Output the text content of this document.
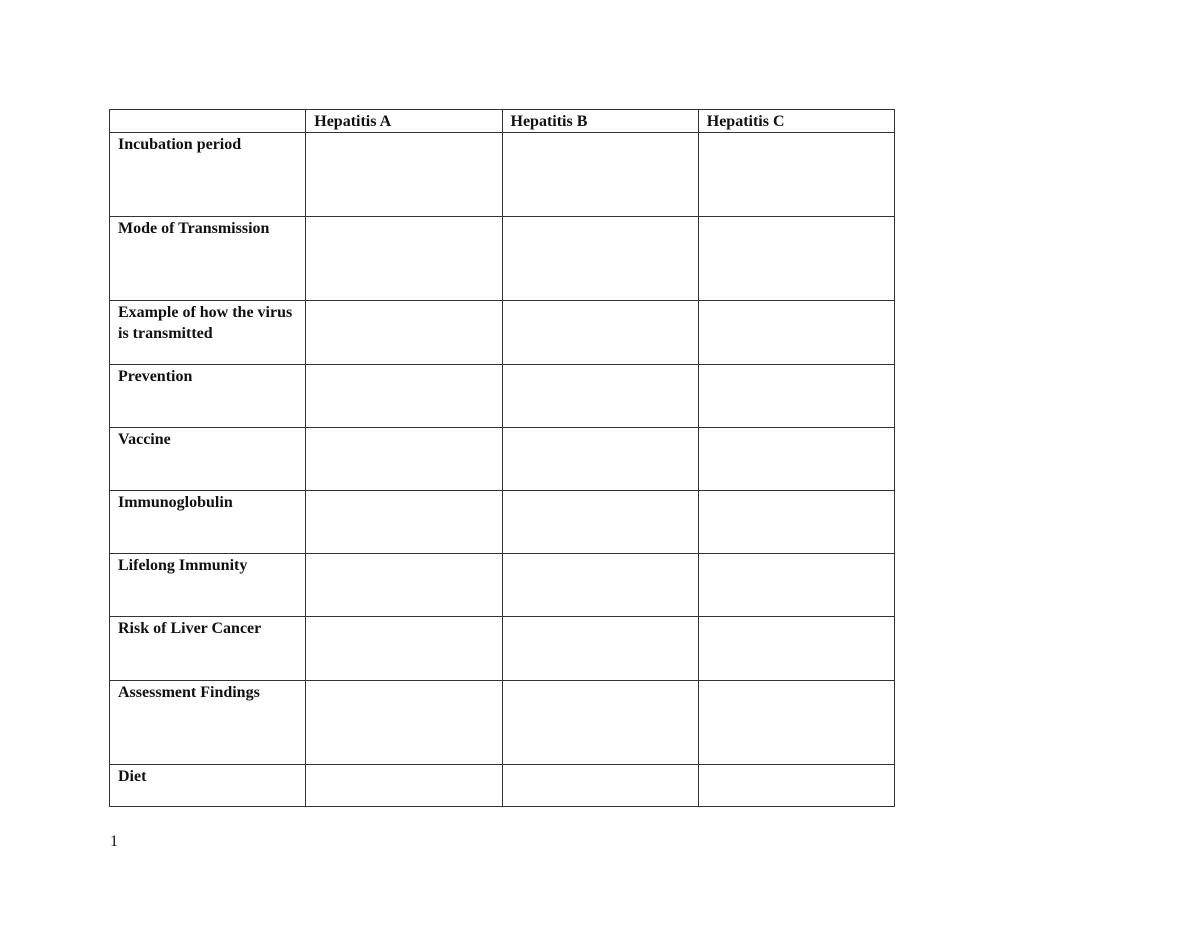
	Hepatitis A	Hepatitis B	Hepatitis C

Incubation period			

Mode of Transmission			

Example of how the virus is transmitted			

Prevention			

Vaccine			

Immunoglobulin			

Lifelong Immunity			

Risk of Liver Cancer			

Assessment Findings			

Diet			

1
